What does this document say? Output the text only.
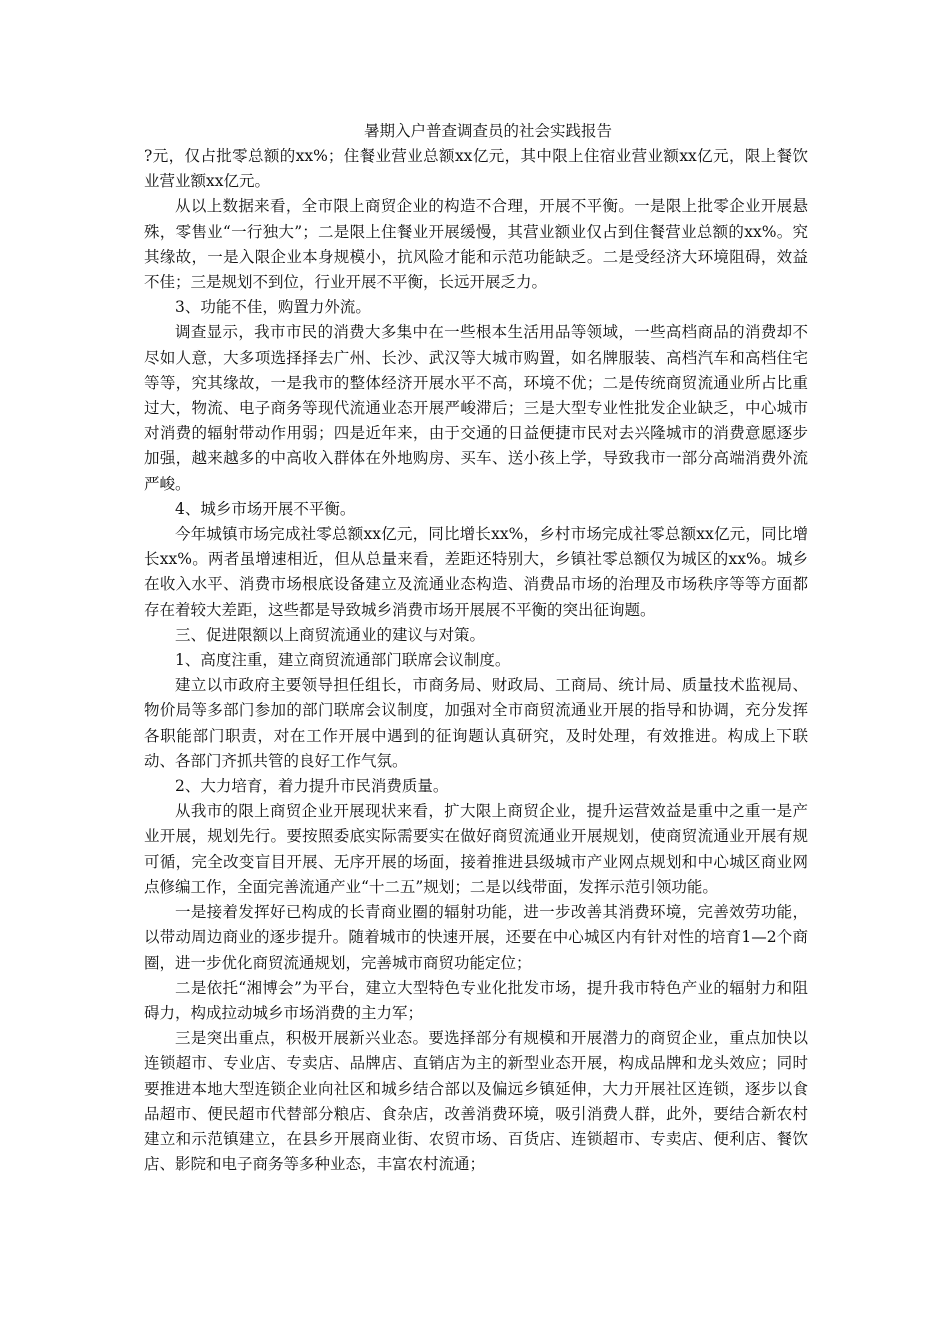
暑期入户普查调查员的社会实践报告

?元，仅占批零总额的xx%；住餐业营业总额xx亿元，其中限上住宿业营业额xx亿元，限上餐饮业营业额xx亿元。

从以上数据来看，全市限上商贸企业的构造不合理，开展不平衡。一是限上批零企业开展悬殊，零售业“一行独大”；二是限上住餐业开展缓慢，其营业额业仅占到住餐营业总额的xx%。究其缘故，一是入限企业本身规模小，抗风险才能和示范功能缺乏。二是受经济大环境阻碍，效益不佳；三是规划不到位，行业开展不平衡，长远开展乏力。

3、功能不佳，购置力外流。

调查显示，我市市民的消费大多集中在一些根本生活用品等领域，一些高档商品的消费却不尽如人意，大多项选择择去广州、长沙、武汉等大城市购置，如名牌服装、高档汽车和高档住宅等等，究其缘故，一是我市的整体经济开展水平不高，环境不优；二是传统商贸流通业所占比重过大，物流、电子商务等现代流通业态开展严峻滞后；三是大型专业性批发企业缺乏，中心城市对消费的辐射带动作用弱；四是近年来，由于交通的日益便捷市民对去兴隆城市的消费意愿逐步加强，越来越多的中高收入群体在外地购房、买车、送小孩上学，导致我市一部分高端消费外流严峻。

4、城乡市场开展不平衡。

今年城镇市场完成社零总额xx亿元，同比增长xx%，乡村市场完成社零总额xx亿元，同比增长xx%。两者虽增速相近，但从总量来看，差距还特别大，乡镇社零总额仅为城区的xx%。城乡在收入水平、消费市场根底设备建立及流通业态构造、消费品市场的治理及市场秩序等等方面都存在着较大差距，这些都是导致城乡消费市场开展展不平衡的突出征询题。

三、促进限额以上商贸流通业的建议与对策。

1、高度注重，建立商贸流通部门联席会议制度。

建立以市政府主要领导担任组长，市商务局、财政局、工商局、统计局、质量技术监视局、物价局等多部门参加的部门联席会议制度，加强对全市商贸流通业开展的指导和协调，充分发挥各职能部门职责，对在工作开展中遇到的征询题认真研究，及时处理，有效推进。构成上下联动、各部门齐抓共管的良好工作气氛。

2、大力培育，着力提升市民消费质量。

从我市的限上商贸企业开展现状来看，扩大限上商贸企业，提升运营效益是重中之重一是产业开展，规划先行。要按照委底实际需要实在做好商贸流通业开展规划，使商贸流通业开展有规可循，完全改变盲目开展、无序开展的场面，接着推进县级城市产业网点规划和中心城区商业网点修编工作，全面完善流通产业“十二五”规划；二是以线带面，发挥示范引领功能。

一是接着发挥好已构成的长青商业圈的辐射功能，进一步改善其消费环境，完善效劳功能，以带动周边商业的逐步提升。随着城市的快速开展，还要在中心城区内有针对性的培育1—2个商圈，进一步优化商贸流通规划，完善城市商贸功能定位；

二是依托“湘博会”为平台，建立大型特色专业化批发市场，提升我市特色产业的辐射力和阻碍力，构成拉动城乡市场消费的主力军；

三是突出重点，积极开展新兴业态。要选择部分有规模和开展潜力的商贸企业，重点加快以连锁超市、专业店、专卖店、品牌店、直销店为主的新型业态开展，构成品牌和龙头效应；同时要推进本地大型连锁企业向社区和城乡结合部以及偏远乡镇延伸，大力开展社区连锁，逐步以食品超市、便民超市代替部分粮店、食杂店，改善消费环境，吸引消费人群，此外，要结合新农村建立和示范镇建立，在县乡开展商业街、农贸市场、百货店、连锁超市、专卖店、便利店、餐饮店、影院和电子商务等多种业态，丰富农村流通；
